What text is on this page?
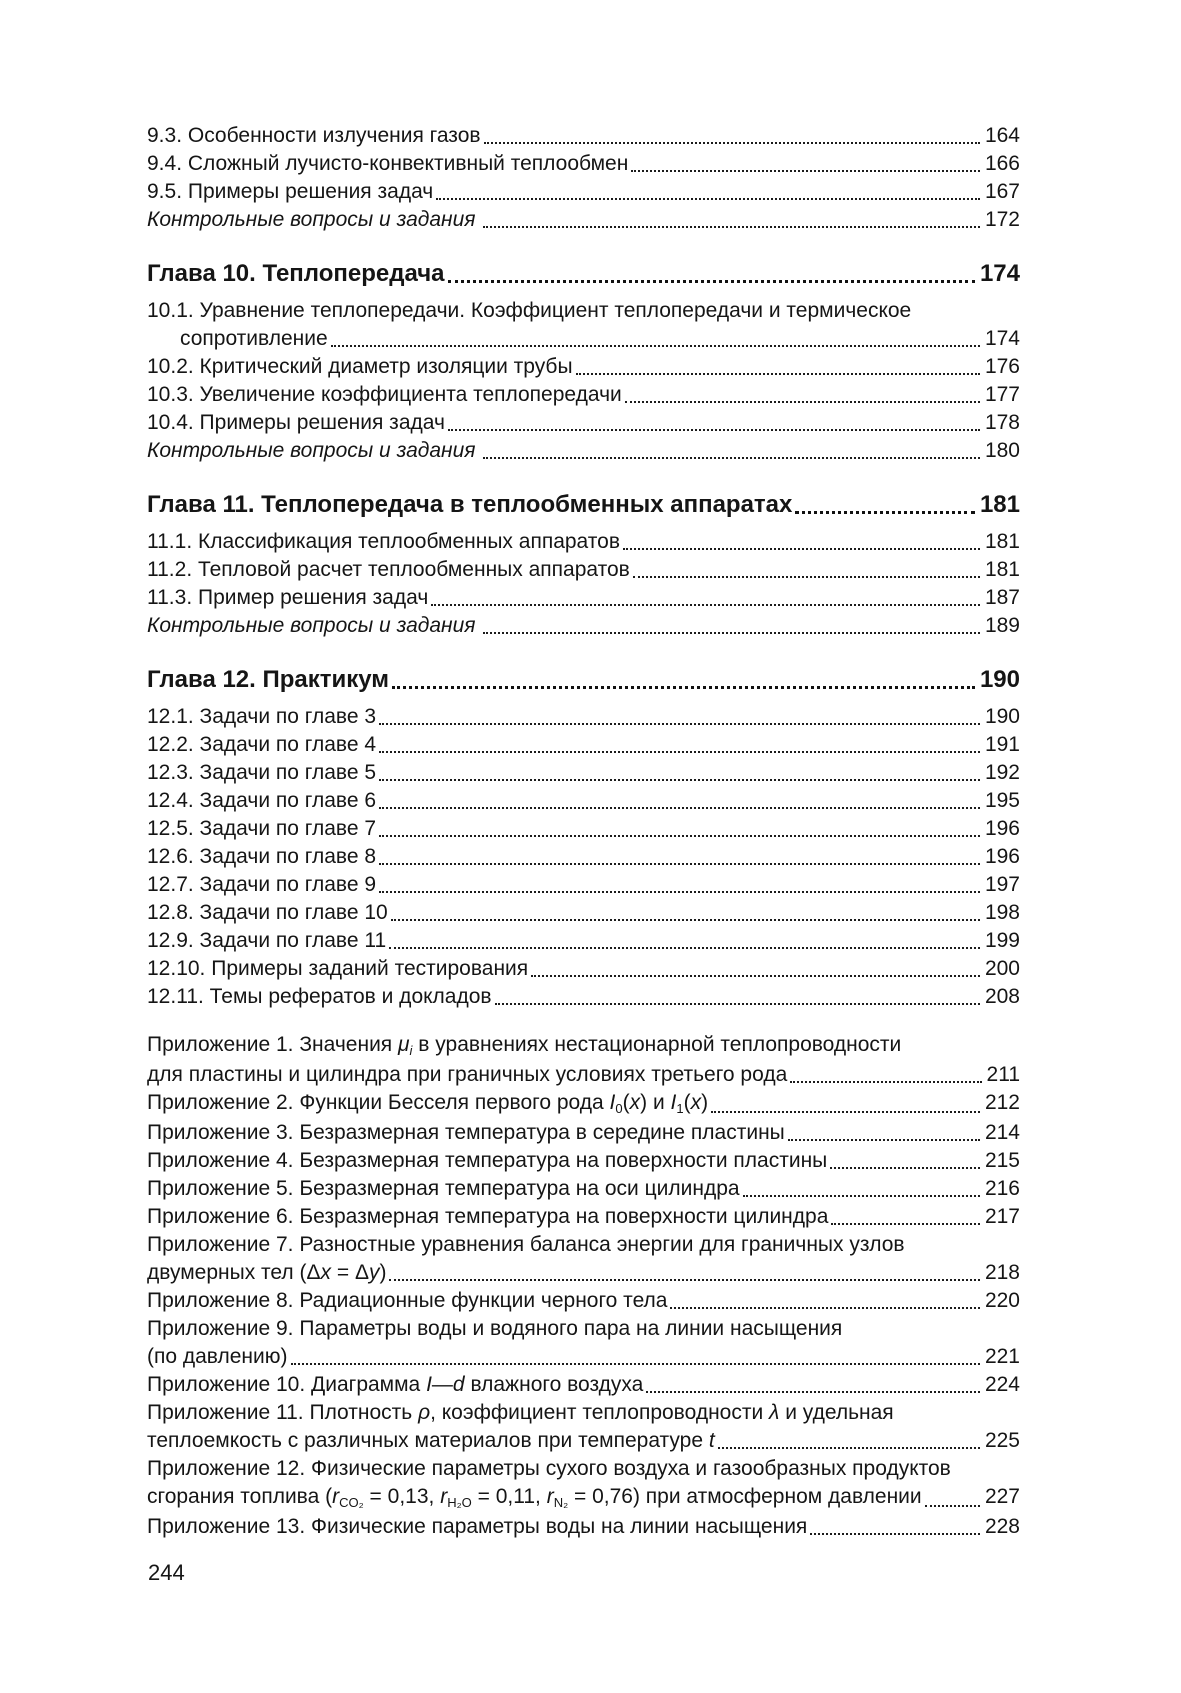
9.3. Особенности излучения газов	164
9.4. Сложный лучисто-конвективный теплообмен	166
9.5. Примеры решения задач	167
Контрольные вопросы и задания	172
Глава 10. Теплопередача	174
10.1. Уравнение теплопередачи. Коэффициент теплопередачи и термическое
сопротивление	174
10.2. Критический диаметр изоляции трубы	176
10.3. Увеличение коэффициента теплопередачи	177
10.4. Примеры решения задач	178
Контрольные вопросы и задания	180
Глава 11. Теплопередача в теплообменных аппаратах	181
11.1. Классификация теплообменных аппаратов	181
11.2. Тепловой расчет теплообменных аппаратов	181
11.3. Пример решения задач	187
Контрольные вопросы и задания	189
Глава 12. Практикум	190
12.1. Задачи по главе 3	190
12.2. Задачи по главе 4	191
12.3. Задачи по главе 5	192
12.4. Задачи по главе 6	195
12.5. Задачи по главе 7	196
12.6. Задачи по главе 8	196
12.7. Задачи по главе 9	197
12.8. Задачи по главе 10	198
12.9. Задачи по главе 11	199
12.10. Примеры заданий тестирования	200
12.11. Темы рефератов и докладов	208
Приложение 1. Значения μi в уравнениях нестационарной теплопроводности
для пластины и цилиндра при граничных условиях третьего рода	211
Приложение 2. Функции Бесселя первого рода I0(x) и I1(x)	212
Приложение 3. Безразмерная температура в середине пластины	214
Приложение 4. Безразмерная температура на поверхности пластины	215
Приложение 5. Безразмерная температура на оси цилиндра	216
Приложение 6. Безразмерная температура на поверхности цилиндра	217
Приложение 7. Разностные уравнения баланса энергии для граничных узлов
двумерных тел (Δx = Δy)	218
Приложение 8. Радиационные функции черного тела	220
Приложение 9. Параметры воды и водяного пара на линии насыщения
(по давлению)	221
Приложение 10. Диаграмма I—d влажного воздуха	224
Приложение 11. Плотность ρ, коэффициент теплопроводности λ и удельная
теплоемкость с различных материалов при температуре t	225
Приложение 12. Физические параметры сухого воздуха и газообразных продуктов
сгорания топлива (rCO₂ = 0,13, rH₂O = 0,11, rN₂ = 0,76) при атмосферном давлении	227
Приложение 13. Физические параметры воды на линии насыщения	228
244
